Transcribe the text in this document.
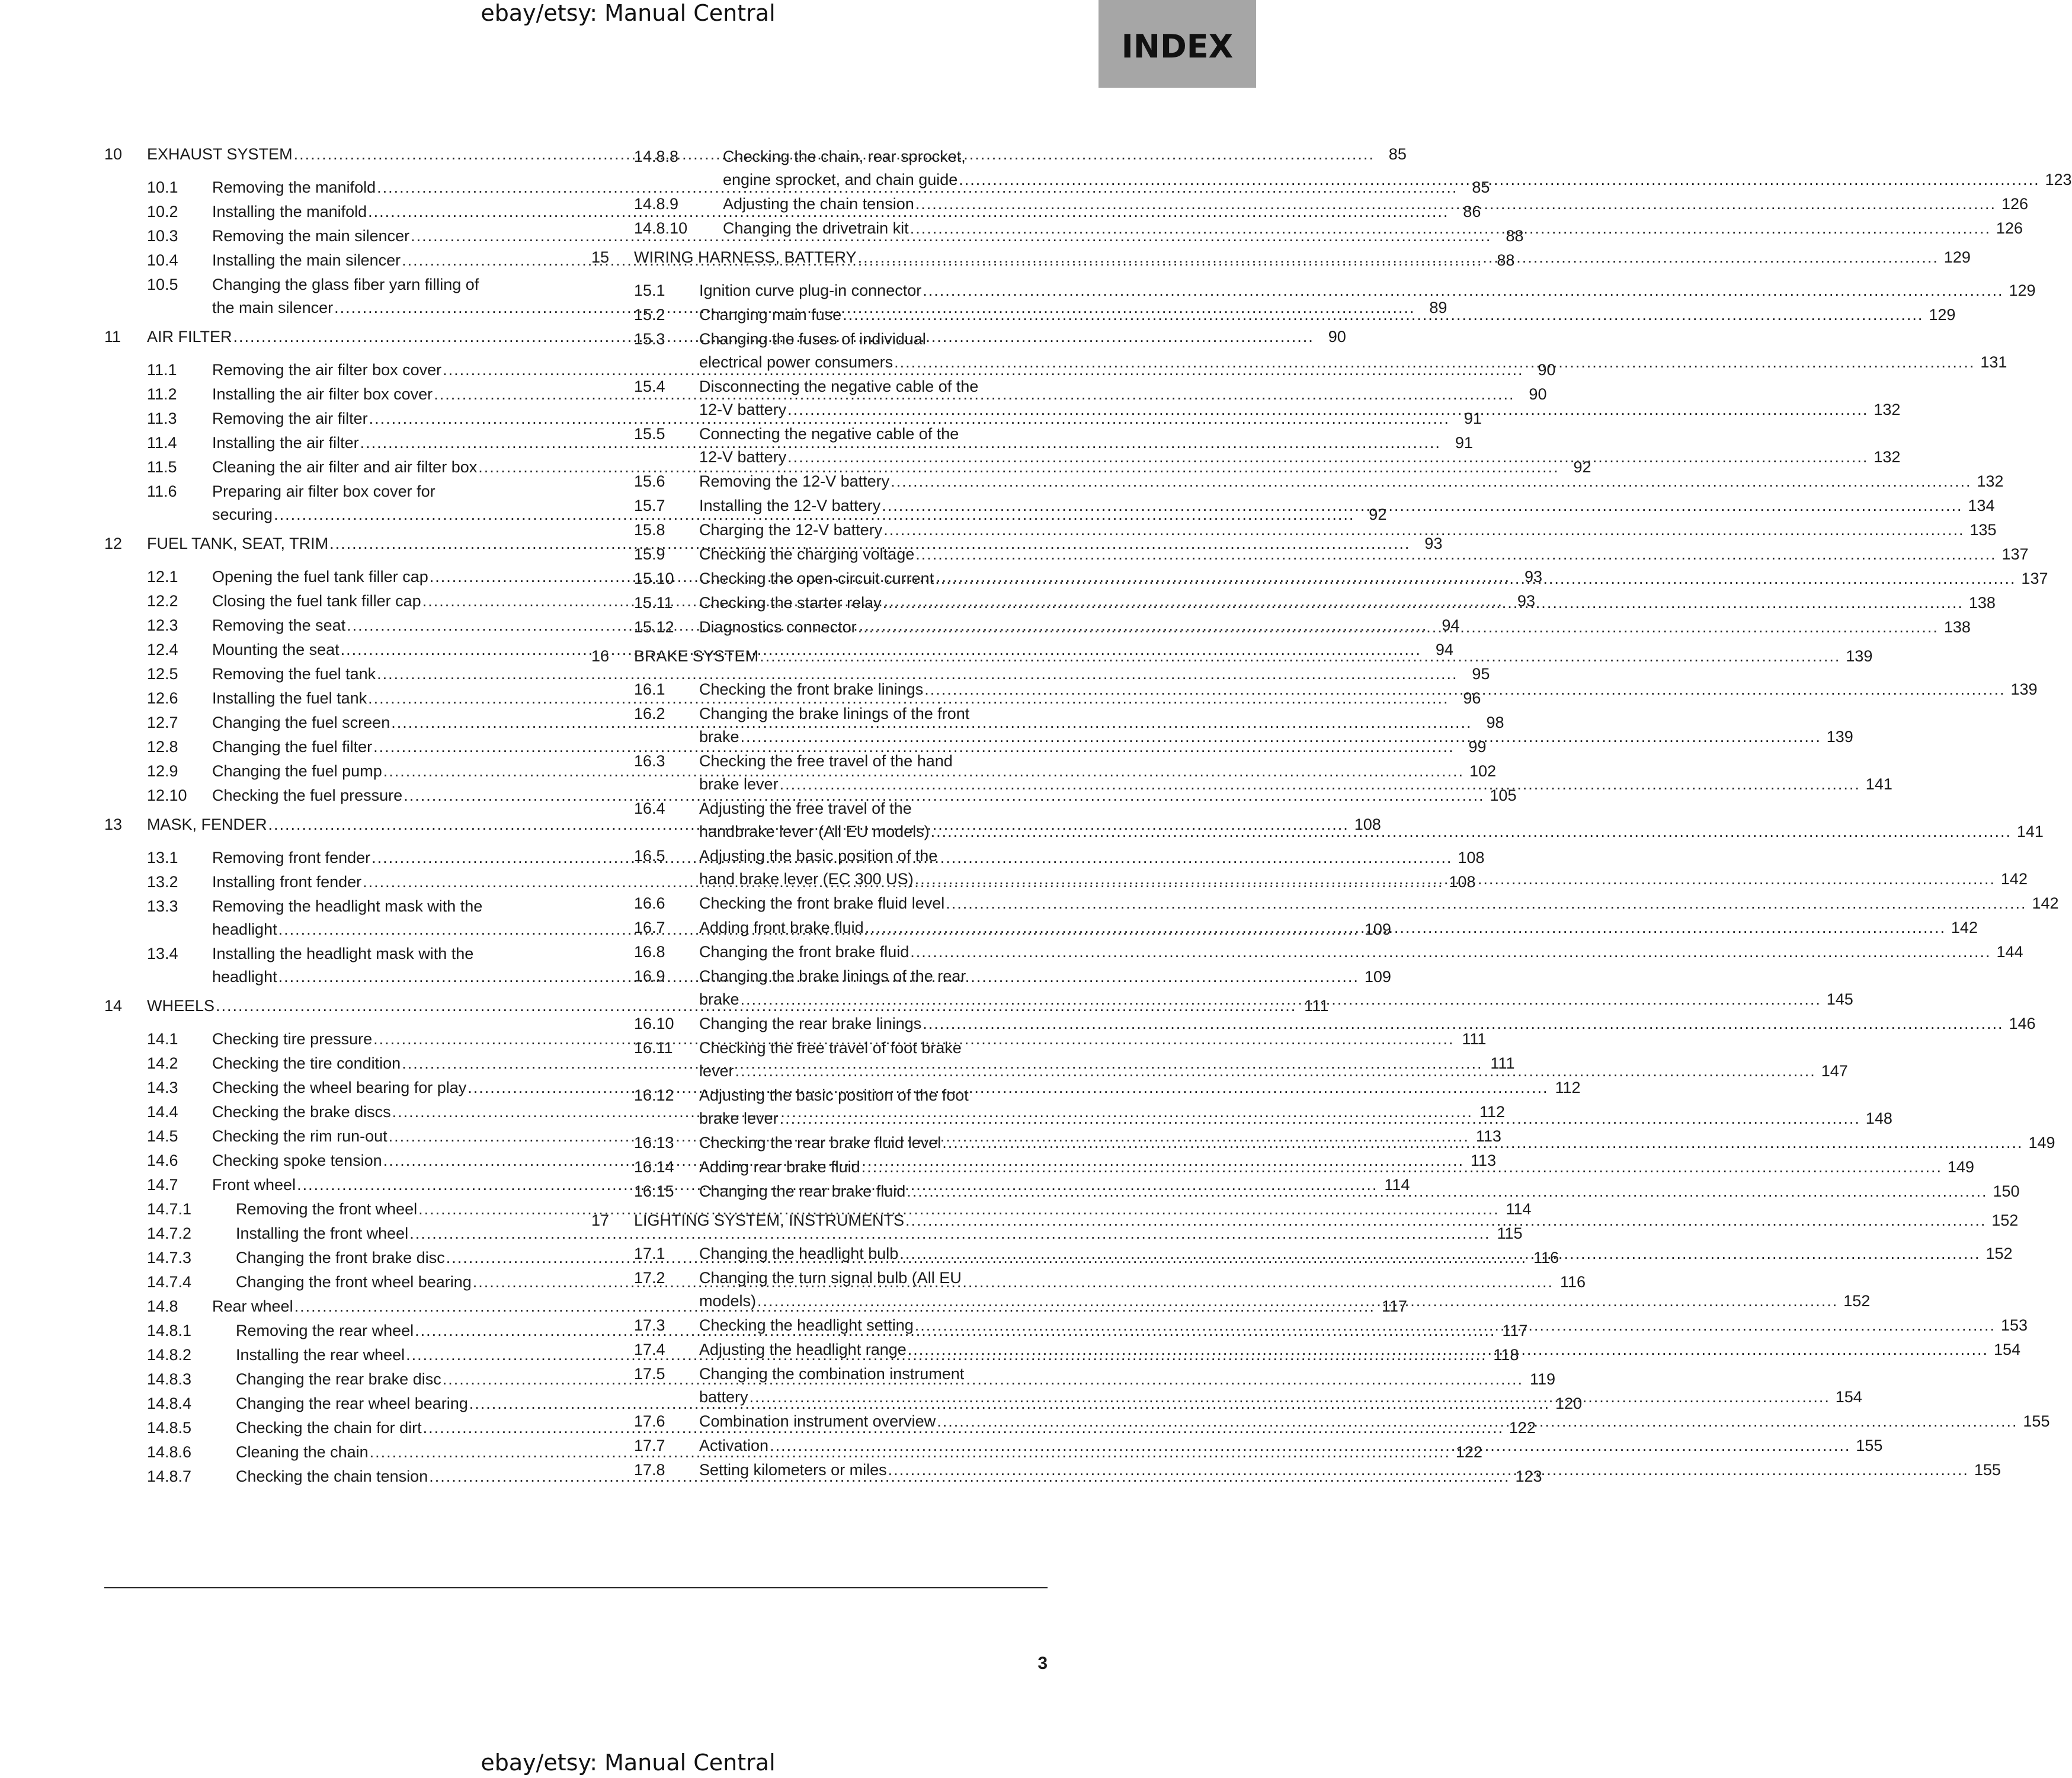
ebay/etsy: Manual Central
INDEX
10	EXHAUST SYSTEM .....	85
10.1	Removing the manifold .....	85
10.2	Installing the manifold .....	86
10.3	Removing the main silencer .....	88
10.4	Installing the main silencer .....	88
10.5	Changing the glass fiber yarn filling of
the main silencer .....	89
11	AIR FILTER .....	90
11.1	Removing the air filter box cover .....	90
11.2	Installing the air filter box cover .....	90
11.3	Removing the air filter .....	91
11.4	Installing the air filter .....	91
11.5	Cleaning the air filter and air filter box .....	92
11.6	Preparing air filter box cover for
securing .....	92
12	FUEL TANK, SEAT, TRIM .....	93
12.1	Opening the fuel tank filler cap .....	93
12.2	Closing the fuel tank filler cap .....	93
12.3	Removing the seat .....	94
12.4	Mounting the seat .....	94
12.5	Removing the fuel tank .....	95
12.6	Installing the fuel tank .....	96
12.7	Changing the fuel screen .....	98
12.8	Changing the fuel filter .....	99
12.9	Changing the fuel pump .....	102
12.10	Checking the fuel pressure .....	105
13	MASK, FENDER .....	108
13.1	Removing front fender .....	108
13.2	Installing front fender .....	108
13.3	Removing the headlight mask with the
headlight .....	109
13.4	Installing the headlight mask with the
headlight .....	109
14	WHEELS .....	111
14.1	Checking tire pressure .....	111
14.2	Checking the tire condition .....	111
14.3	Checking the wheel bearing for play .....	112
14.4	Checking the brake discs .....	112
14.5	Checking the rim run-out .....	113
14.6	Checking spoke tension .....	113
14.7	Front wheel .....	114
14.7.1	Removing the front wheel .....	114
14.7.2	Installing the front wheel .....	115
14.7.3	Changing the front brake disc .....	116
14.7.4	Changing the front wheel bearing .....	116
14.8	Rear wheel .....	117
14.8.1	Removing the rear wheel .....	117
14.8.2	Installing the rear wheel .....	118
14.8.3	Changing the rear brake disc .....	119
14.8.4	Changing the rear wheel bearing .....	120
14.8.5	Checking the chain for dirt .....	122
14.8.6	Cleaning the chain .....	122
14.8.7	Checking the chain tension .....	123
14.8.8	Checking the chain, rear sprocket,
engine sprocket, and chain guide .....	123
14.8.9	Adjusting the chain tension .....	126
14.8.10	Changing the drivetrain kit .....	126
15	WIRING HARNESS, BATTERY .....	129
15.1	Ignition curve plug-in connector .....	129
15.2	Changing main fuse .....	129
15.3	Changing the fuses of individual
electrical power consumers .....	131
15.4	Disconnecting the negative cable of the
12-V battery .....	132
15.5	Connecting the negative cable of the
12-V battery .....	132
15.6	Removing the 12-V battery .....	132
15.7	Installing the 12-V battery .....	134
15.8	Charging the 12-V battery .....	135
15.9	Checking the charging voltage .....	137
15.10	Checking the open-circuit current .....	137
15.11	Checking the starter relay .....	138
15.12	Diagnostics connector .....	138
16	BRAKE SYSTEM .....	139
16.1	Checking the front brake linings .....	139
16.2	Changing the brake linings of the front
brake .....	139
16.3	Checking the free travel of the hand
brake lever .....	141
16.4	Adjusting the free travel of the
handbrake lever (All EU models) .....	141
16.5	Adjusting the basic position of the
hand brake lever (EC 300 US) .....	142
16.6	Checking the front brake fluid level .....	142
16.7	Adding front brake fluid .....	142
16.8	Changing the front brake fluid .....	144
16.9	Changing the brake linings of the rear
brake .....	145
16.10	Changing the rear brake linings .....	146
16.11	Checking the free travel of foot brake
lever .....	147
16.12	Adjusting the basic position of the foot
brake lever .....	148
16.13	Checking the rear brake fluid level .....	149
16.14	Adding rear brake fluid .....	149
16.15	Changing the rear brake fluid .....	150
17	LIGHTING SYSTEM, INSTRUMENTS .....	152
17.1	Changing the headlight bulb .....	152
17.2	Changing the turn signal bulb (All EU
models) .....	152
17.3	Checking the headlight setting .....	153
17.4	Adjusting the headlight range .....	154
17.5	Changing the combination instrument
battery .....	154
17.6	Combination instrument overview .....	155
17.7	Activation .....	155
17.8	Setting kilometers or miles .....	155
3
ebay/etsy: Manual Central
